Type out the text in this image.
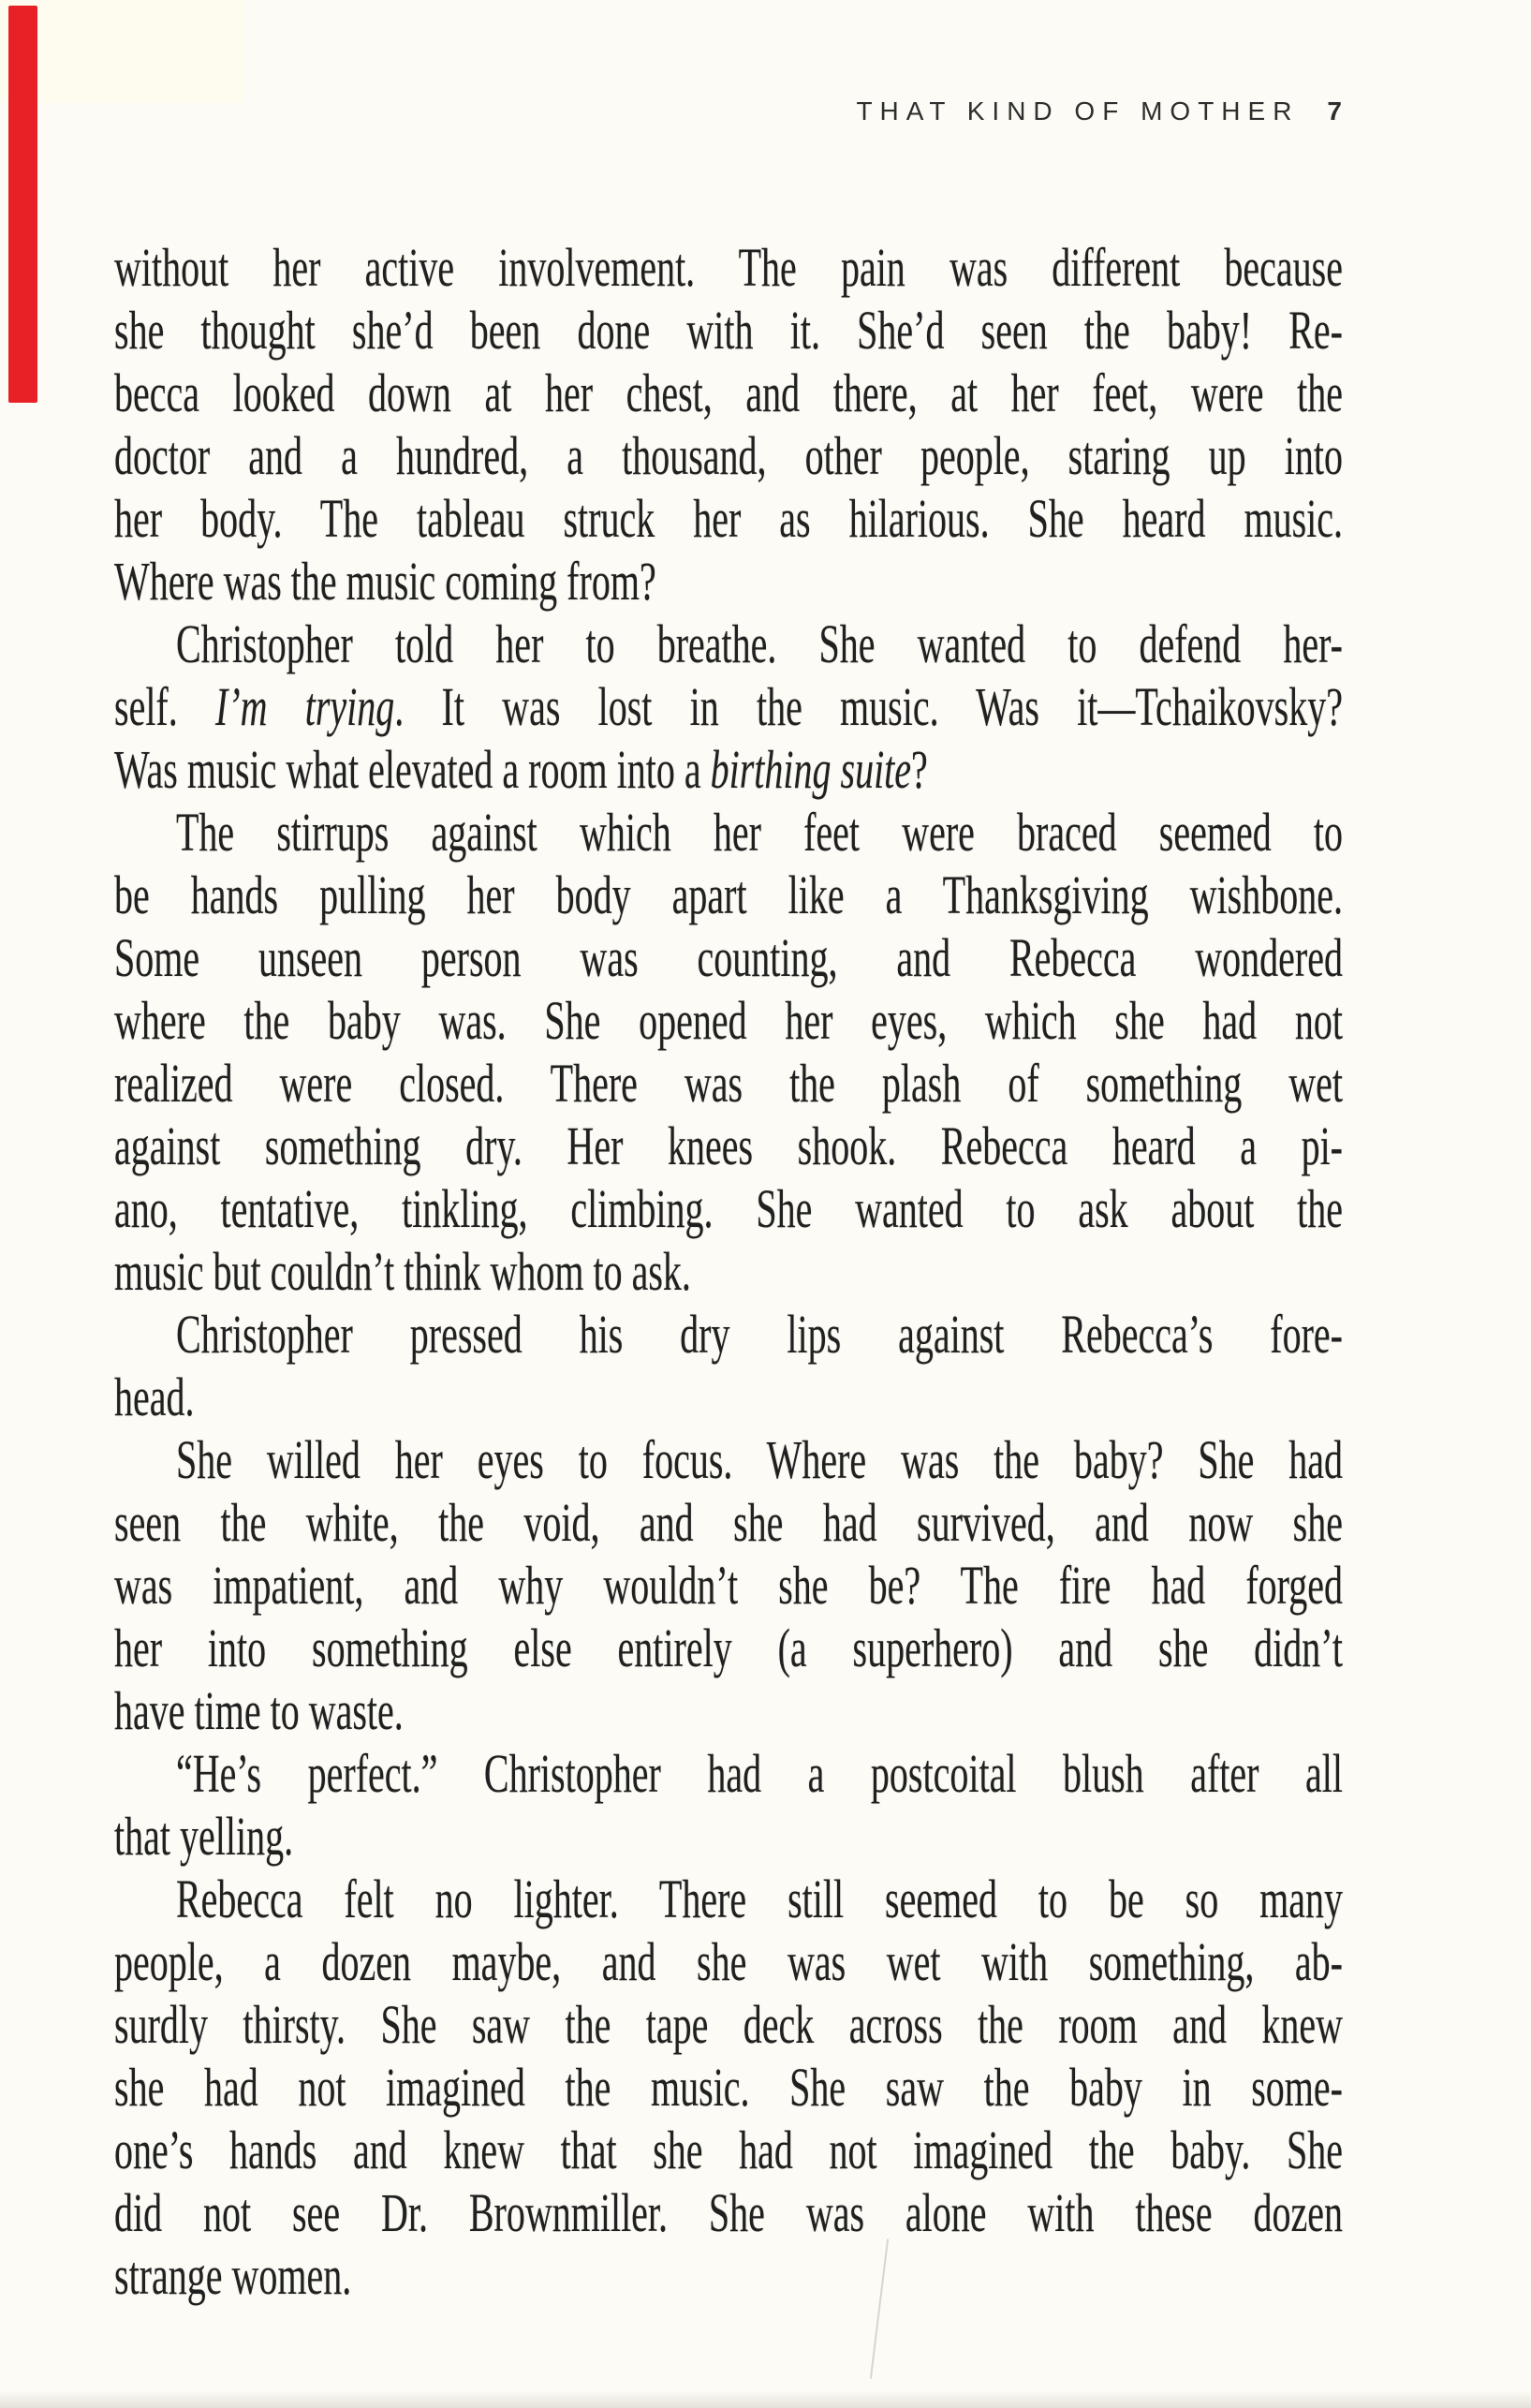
THAT KIND OF MOTHER 7
without her active involvement. The pain was different because
she thought she’d been done with it. She’d seen the baby! Re-
becca looked down at her chest, and there, at her feet, were the
doctor and a hundred, a thousand, other people, staring up into
her body. The tableau struck her as hilarious. She heard music.
Where was the music coming from?
Christopher told her to breathe. She wanted to defend her-
self. I’m trying. It was lost in the music. Was it—Tchaikovsky?
Was music what elevated a room into a birthing suite?
The stirrups against which her feet were braced seemed to
be hands pulling her body apart like a Thanksgiving wishbone.
Some unseen person was counting, and Rebecca wondered
where the baby was. She opened her eyes, which she had not
realized were closed. There was the plash of something wet
against something dry. Her knees shook. Rebecca heard a pi-
ano, tentative, tinkling, climbing. She wanted to ask about the
music but couldn’t think whom to ask.
Christopher pressed his dry lips against Rebecca’s fore-
head.
She willed her eyes to focus. Where was the baby? She had
seen the white, the void, and she had survived, and now she
was impatient, and why wouldn’t she be? The fire had forged
her into something else entirely (a superhero) and she didn’t
have time to waste.
“He’s perfect.” Christopher had a postcoital blush after all
that yelling.
Rebecca felt no lighter. There still seemed to be so many
people, a dozen maybe, and she was wet with something, ab-
surdly thirsty. She saw the tape deck across the room and knew
she had not imagined the music. She saw the baby in some-
one’s hands and knew that she had not imagined the baby. She
did not see Dr. Brownmiller. She was alone with these dozen
strange women.
